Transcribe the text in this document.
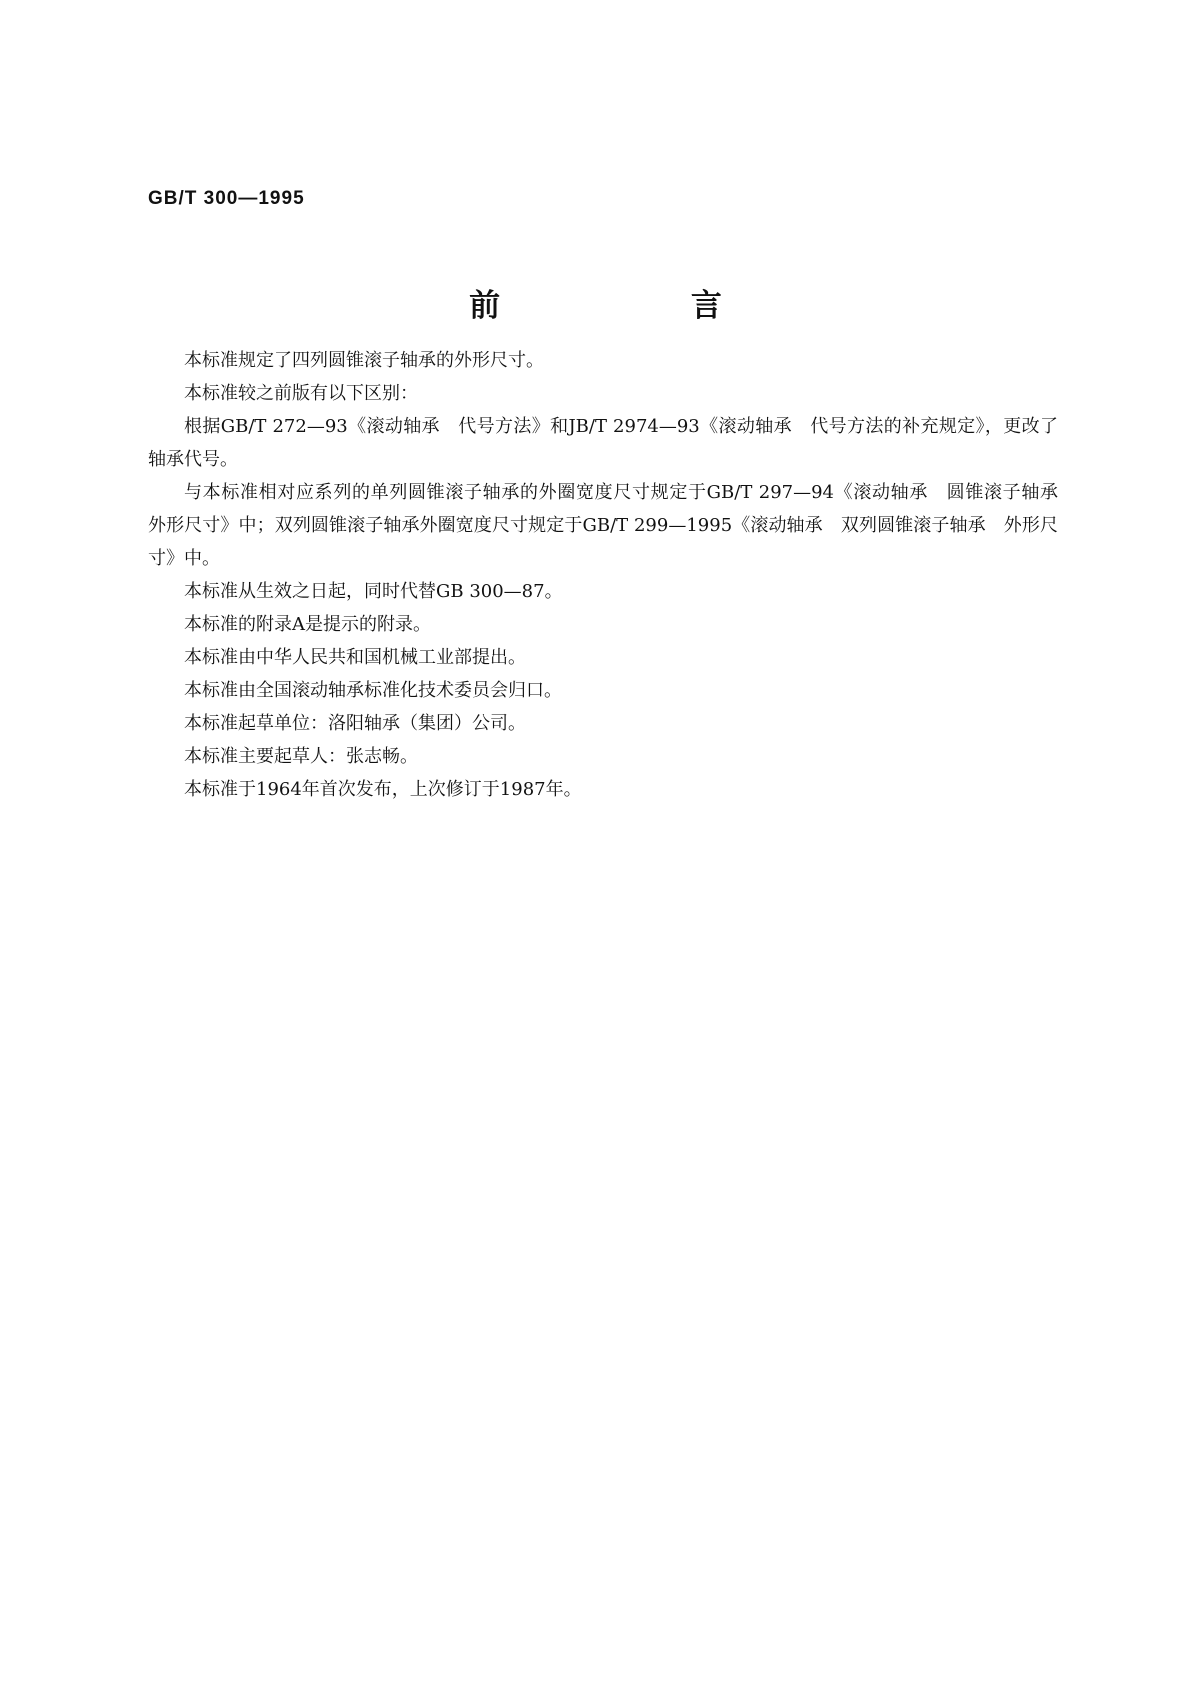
GB/T 300—1995
前 言

本标准规定了四列圆锥滚子轴承的外形尺寸。

本标准较之前版有以下区别：

根据GB/T 272—93《滚动轴承　代号方法》和JB/T 2974—93《滚动轴承　代号方法的补充规定》，更改了轴承代号。

与本标准相对应系列的单列圆锥滚子轴承的外圈宽度尺寸规定于GB/T 297—94《滚动轴承　圆锥滚子轴承　外形尺寸》中；双列圆锥滚子轴承外圈宽度尺寸规定于GB/T 299—1995《滚动轴承　双列圆锥滚子轴承　外形尺寸》中。

本标准从生效之日起，同时代替GB 300—87。

本标准的附录A是提示的附录。

本标准由中华人民共和国机械工业部提出。

本标准由全国滚动轴承标准化技术委员会归口。

本标准起草单位：洛阳轴承（集团）公司。

本标准主要起草人：张志畅。

本标准于1964年首次发布，上次修订于1987年。
